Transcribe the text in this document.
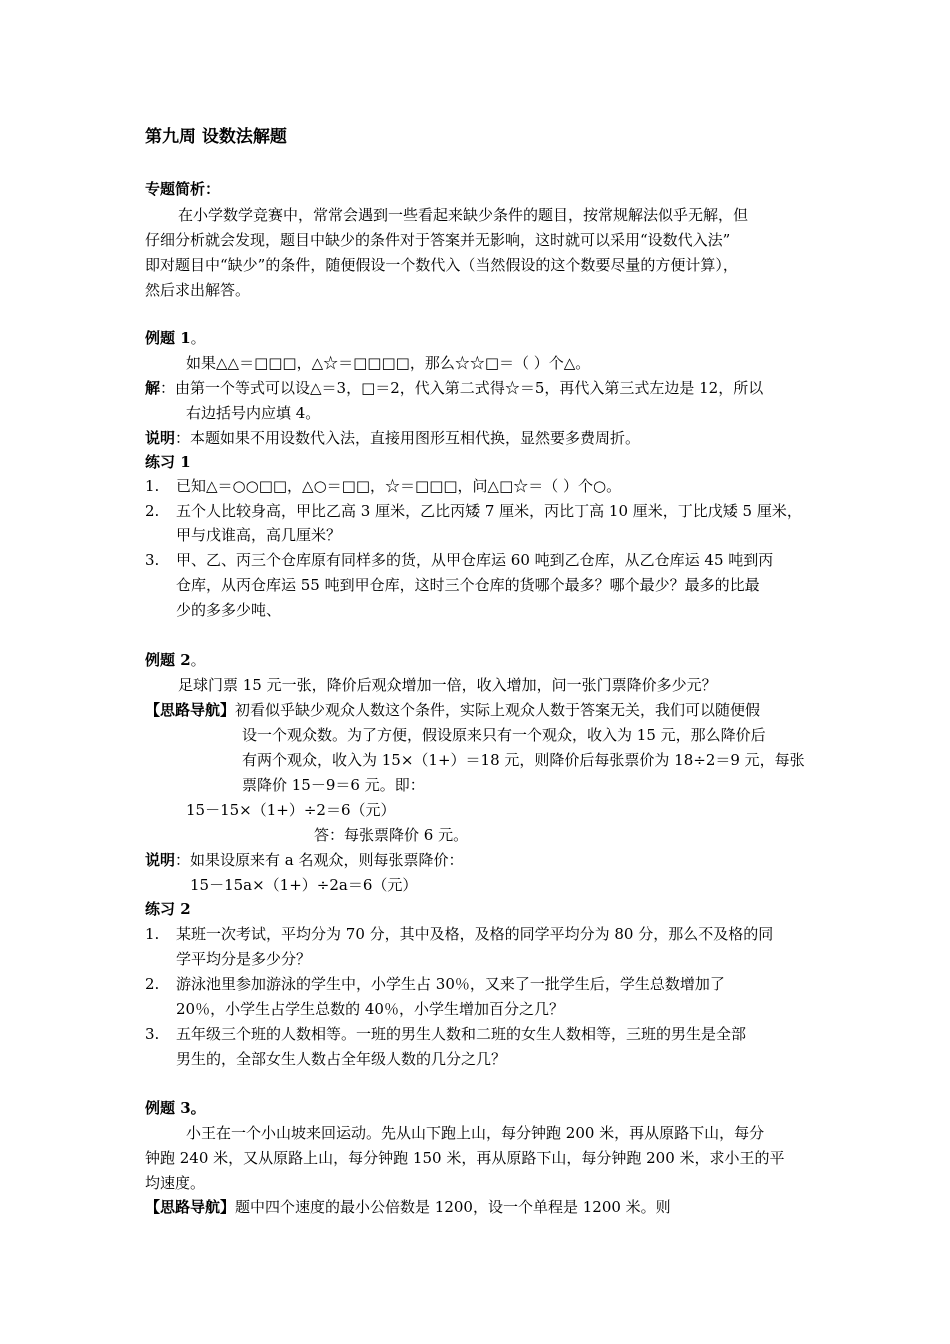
第九周 设数法解题
专题简析：
在小学数学竞赛中，常常会遇到一些看起来缺少条件的题目，按常规解法似乎无解，但
仔细分析就会发现，题目中缺少的条件对于答案并无影响，这时就可以采用“设数代入法”
即对题目中“缺少”的条件，随便假设一个数代入（当然假设的这个数要尽量的方便计算），
然后求出解答。
例题 1。
如果△△＝□□□，△☆＝□□□□，那么☆☆□＝（ ）个△。
解：由第一个等式可以设△＝3，□＝2，代入第二式得☆＝5，再代入第三式左边是 12，所以
右边括号内应填 4。
说明：本题如果不用设数代入法，直接用图形互相代换，显然要多费周折。
练习 1
1. 已知△＝○○□□，△○＝□□，☆＝□□□，问△□☆＝（ ）个○。
2. 五个人比较身高，甲比乙高 3 厘米，乙比丙矮 7 厘米，丙比丁高 10 厘米，丁比戊矮 5 厘米，
甲与戊谁高，高几厘米？
3. 甲、乙、丙三个仓库原有同样多的货，从甲仓库运 60 吨到乙仓库，从乙仓库运 45 吨到丙
仓库，从丙仓库运 55 吨到甲仓库，这时三个仓库的货哪个最多？哪个最少？最多的比最
少的多多少吨、
例题 2。
足球门票 15 元一张，降价后观众增加一倍，收入增加，问一张门票降价多少元？
【思路导航】初看似乎缺少观众人数这个条件，实际上观众人数于答案无关，我们可以随便假
设一个观众数。为了方便，假设原来只有一个观众，收入为 15 元，那么降价后
有两个观众，收入为 15×（1+）＝18 元，则降价后每张票价为 18÷2＝9 元，每张
票降价 15－9＝6 元。即：
15－15×（1+）÷2＝6（元）
答：每张票降价 6 元。
说明：如果设原来有 a 名观众，则每张票降价：
15－15a×（1+）÷2a＝6（元）
练习 2
1. 某班一次考试，平均分为 70 分，其中及格，及格的同学平均分为 80 分，那么不及格的同
学平均分是多少分？
2. 游泳池里参加游泳的学生中，小学生占 30％，又来了一批学生后，学生总数增加了
20％，小学生占学生总数的 40％，小学生增加百分之几？
3. 五年级三个班的人数相等。一班的男生人数和二班的女生人数相等，三班的男生是全部
男生的，全部女生人数占全年级人数的几分之几？
例题 3。
小王在一个小山坡来回运动。先从山下跑上山，每分钟跑 200 米，再从原路下山，每分
钟跑 240 米，又从原路上山，每分钟跑 150 米，再从原路下山，每分钟跑 200 米，求小王的平
均速度。
【思路导航】题中四个速度的最小公倍数是 1200，设一个单程是 1200 米。则
